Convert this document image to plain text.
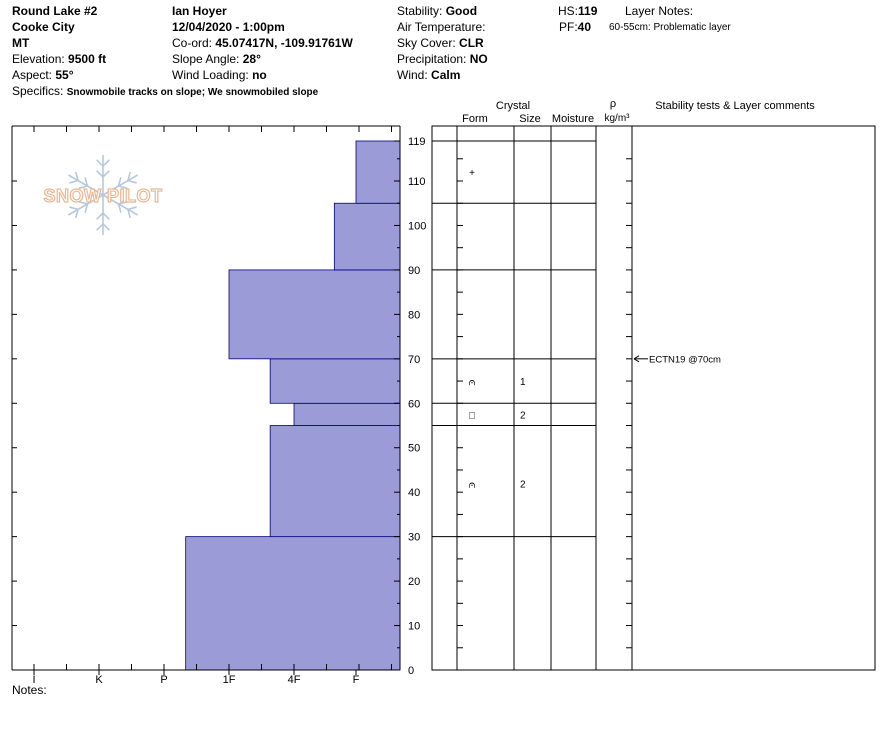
Round Lake #2
Cooke City
MT
Elevation: 9500 ft
Aspect: 55°
Specifics: Snowmobile tracks on slope; We snowmobiled slope
Ian Hoyer
12/04/2020 - 1:00pm
Co-ord: 45.07417N, -109.91761W
Slope Angle: 28°
Wind Loading: no
Stability: Good
Air Temperature:
Sky Cover: CLR
Precipitation: NO
Wind: Calm
HS:119
PF:40
Layer Notes:
60-55cm: Problematic layer
SNOW PILOT
I	K	P	1F	4F	F
0
10
20
30
40
50
60
70
80
90
100
110
119
Crystal
Form	Size Moisture
ρ
kg/m³
Stability tests & Layer comments
+
⩀	1
□	2
⩀	2
ECTN19 @70cm
Notes:
